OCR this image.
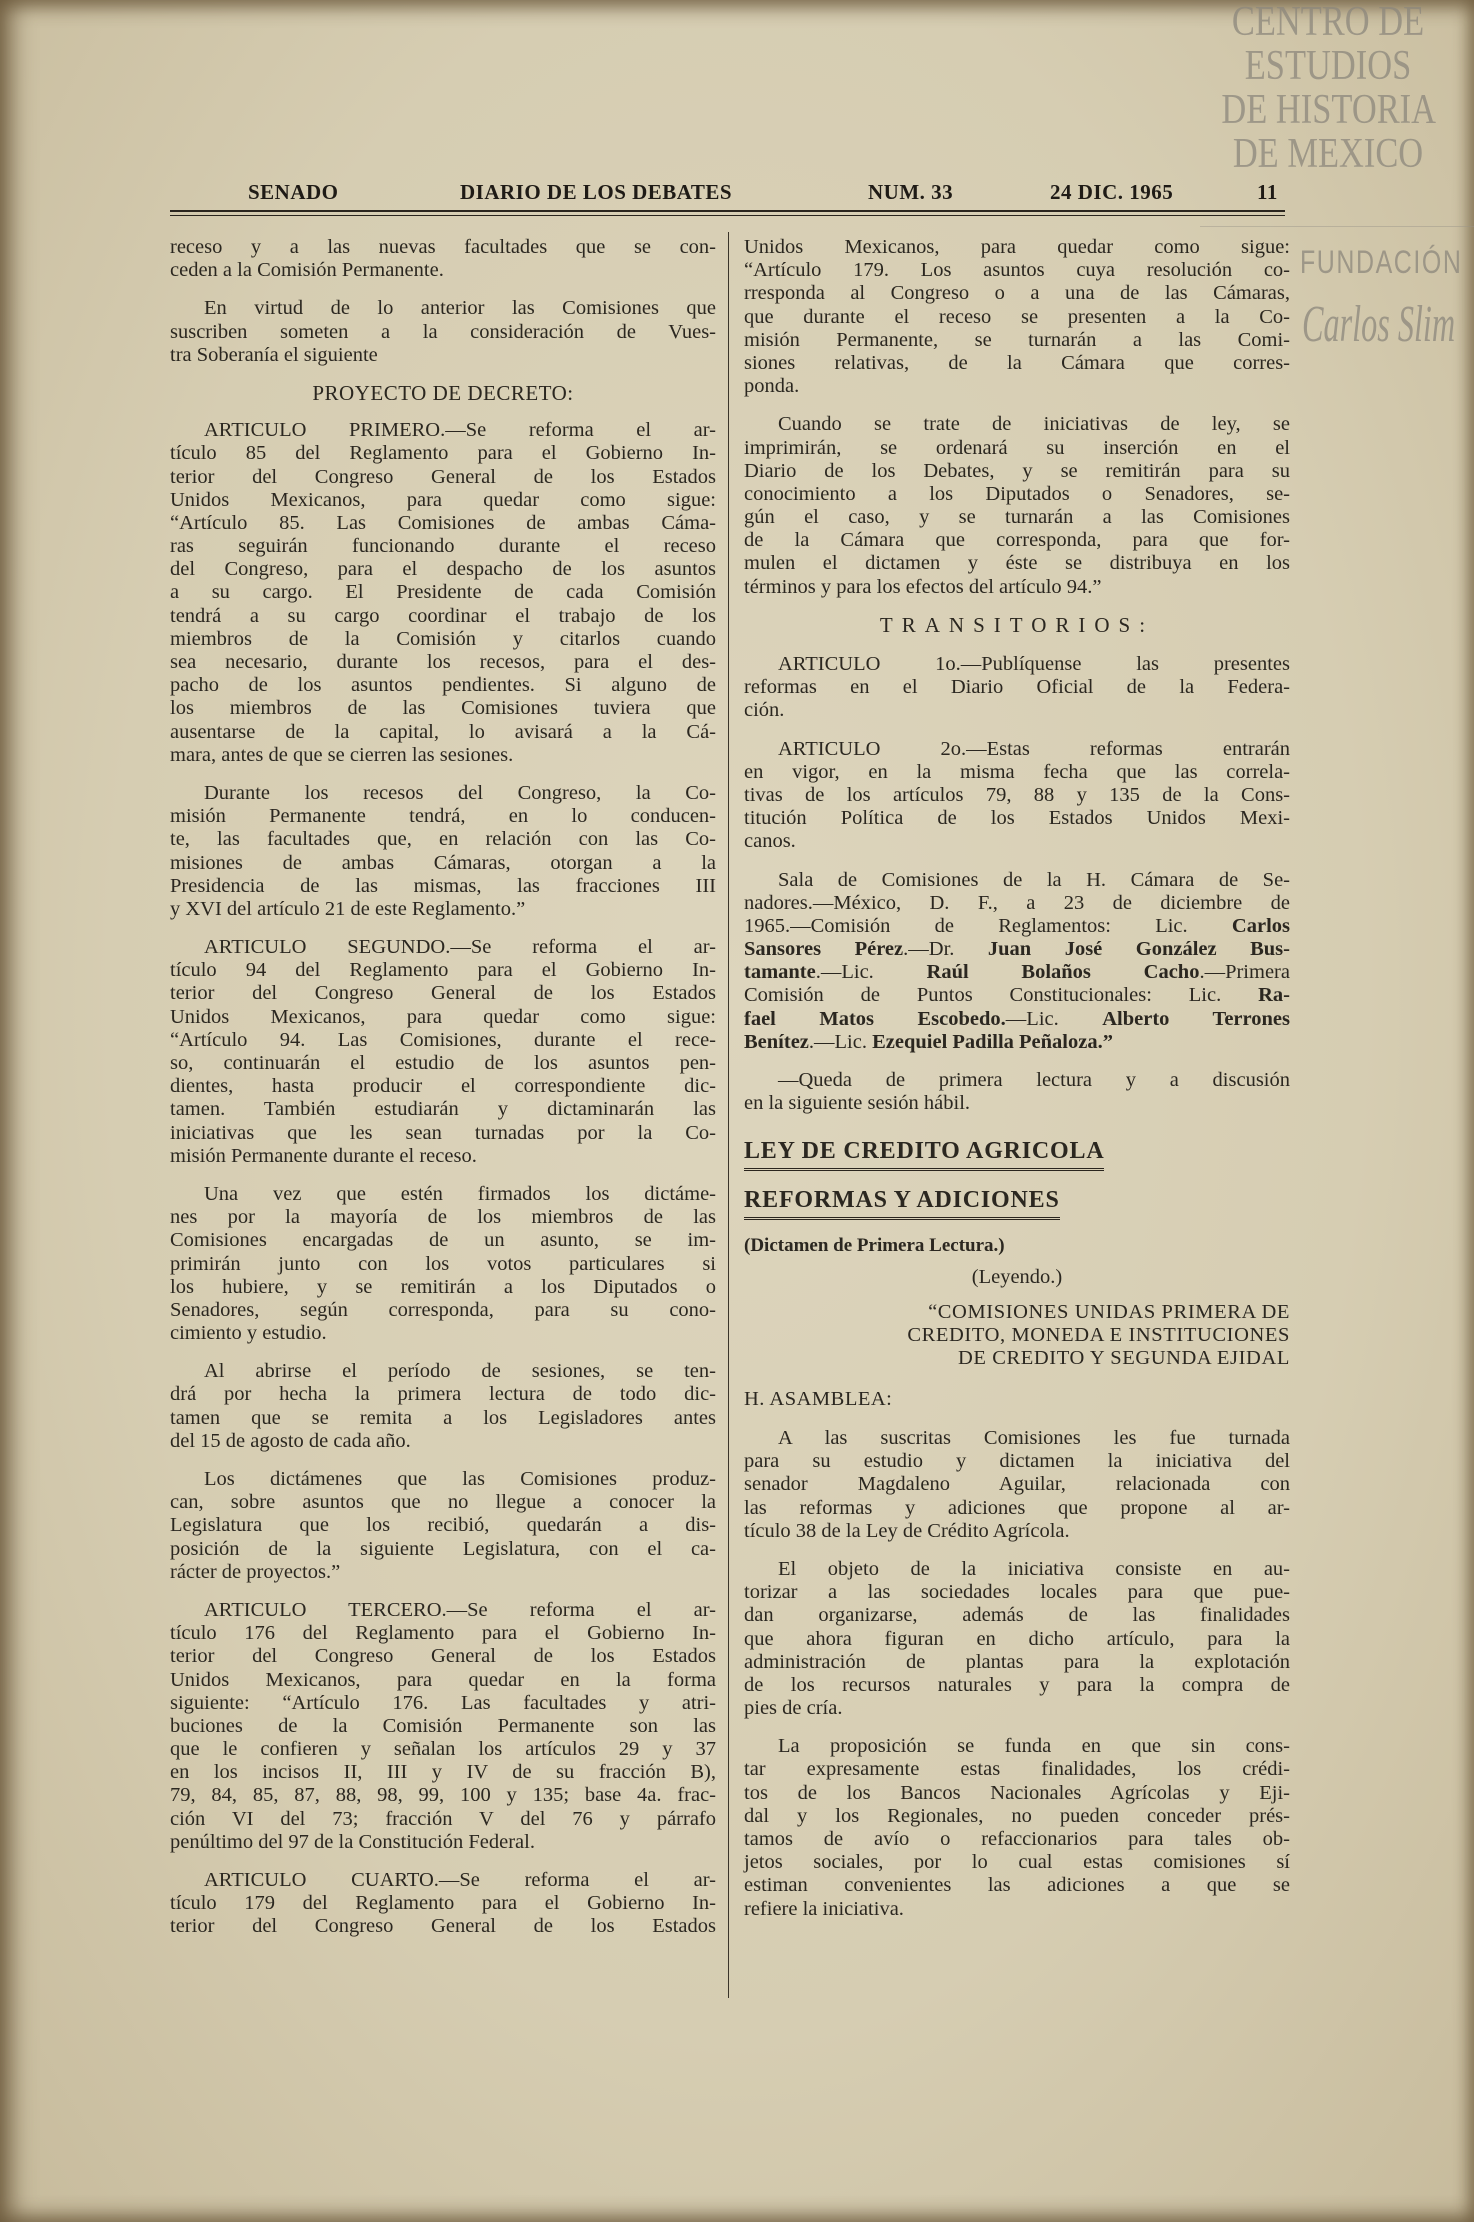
CENTRO DE
ESTUDIOS
DE HISTORIA
DE MEXICO
FUNDACIÓN
Carlos Slim
SENADO	DIARIO DE LOS DEBATES	NUM. 33	24 DIC. 1965	11
receso y a las nuevas facultades que se con-
ceden a la Comisión Permanente.
En virtud de lo anterior las Comisiones que
suscriben someten a la consideración de Vues-
tra Soberanía el siguiente
PROYECTO DE DECRETO:
ARTICULO PRIMERO.—Se reforma el ar-
tículo 85 del Reglamento para el Gobierno In-
terior del Congreso General de los Estados
Unidos Mexicanos, para quedar como sigue:
“Artículo 85. Las Comisiones de ambas Cáma-
ras seguirán funcionando durante el receso
del Congreso, para el despacho de los asuntos
a su cargo. El Presidente de cada Comisión
tendrá a su cargo coordinar el trabajo de los
miembros de la Comisión y citarlos cuando
sea necesario, durante los recesos, para el des-
pacho de los asuntos pendientes. Si alguno de
los miembros de las Comisiones tuviera que
ausentarse de la capital, lo avisará a la Cá-
mara, antes de que se cierren las sesiones.
Durante los recesos del Congreso, la Co-
misión Permanente tendrá, en lo conducen-
te, las facultades que, en relación con las Co-
misiones de ambas Cámaras, otorgan a la
Presidencia de las mismas, las fracciones III
y XVI del artículo 21 de este Reglamento.”
ARTICULO SEGUNDO.—Se reforma el ar-
tículo 94 del Reglamento para el Gobierno In-
terior del Congreso General de los Estados
Unidos Mexicanos, para quedar como sigue:
“Artículo 94. Las Comisiones, durante el rece-
so, continuarán el estudio de los asuntos pen-
dientes, hasta producir el correspondiente dic-
tamen. También estudiarán y dictaminarán las
iniciativas que les sean turnadas por la Co-
misión Permanente durante el receso.
Una vez que estén firmados los dictáme-
nes por la mayoría de los miembros de las
Comisiones encargadas de un asunto, se im-
primirán junto con los votos particulares si
los hubiere, y se remitirán a los Diputados o
Senadores, según corresponda, para su cono-
cimiento y estudio.
Al abrirse el período de sesiones, se ten-
drá por hecha la primera lectura de todo dic-
tamen que se remita a los Legisladores antes
del 15 de agosto de cada año.
Los dictámenes que las Comisiones produz-
can, sobre asuntos que no llegue a conocer la
Legislatura que los recibió, quedarán a dis-
posición de la siguiente Legislatura, con el ca-
rácter de proyectos.”
ARTICULO TERCERO.—Se reforma el ar-
tículo 176 del Reglamento para el Gobierno In-
terior del Congreso General de los Estados
Unidos Mexicanos, para quedar en la forma
siguiente: “Artículo 176. Las facultades y atri-
buciones de la Comisión Permanente son las
que le confieren y señalan los artículos 29 y 37
en los incisos II, III y IV de su fracción B),
79, 84, 85, 87, 88, 98, 99, 100 y 135; base 4a. frac-
ción VI del 73; fracción V del 76 y párrafo
penúltimo del 97 de la Constitución Federal.
ARTICULO CUARTO.—Se reforma el ar-
tículo 179 del Reglamento para el Gobierno In-
terior del Congreso General de los Estados
Unidos Mexicanos, para quedar como sigue:
“Artículo 179. Los asuntos cuya resolución co-
rresponda al Congreso o a una de las Cámaras,
que durante el receso se presenten a la Co-
misión Permanente, se turnarán a las Comi-
siones relativas, de la Cámara que corres-
ponda.
Cuando se trate de iniciativas de ley, se
imprimirán, se ordenará su inserción en el
Diario de los Debates, y se remitirán para su
conocimiento a los Diputados o Senadores, se-
gún el caso, y se turnarán a las Comisiones
de la Cámara que corresponda, para que for-
mulen el dictamen y éste se distribuya en los
términos y para los efectos del artículo 94.”
TRANSITORIOS:
ARTICULO 1o.—Publíquense las presentes
reformas en el Diario Oficial de la Federa-
ción.
ARTICULO 2o.—Estas reformas entrarán
en vigor, en la misma fecha que las correla-
tivas de los artículos 79, 88 y 135 de la Cons-
titución Política de los Estados Unidos Mexi-
canos.
Sala de Comisiones de la H. Cámara de Se-
nadores.—México, D. F., a 23 de diciembre de
1965.—Comisión de Reglamentos: Lic. Carlos
Sansores Pérez.—Dr. Juan José González Bus-
tamante.—Lic. Raúl Bolaños Cacho.—Primera
Comisión de Puntos Constitucionales: Lic. Ra-
fael Matos Escobedo.—Lic. Alberto Terrones
Benítez.—Lic. Ezequiel Padilla Peñaloza.”
—Queda de primera lectura y a discusión
en la siguiente sesión hábil.
LEY DE CREDITO AGRICOLA
REFORMAS Y ADICIONES
(Dictamen de Primera Lectura.)
(Leyendo.)
“COMISIONES UNIDAS PRIMERA DE
CREDITO, MONEDA E INSTITUCIONES
DE CREDITO Y SEGUNDA EJIDAL
H. ASAMBLEA:
A las suscritas Comisiones les fue turnada
para su estudio y dictamen la iniciativa del
senador Magdaleno Aguilar, relacionada con
las reformas y adiciones que propone al ar-
tículo 38 de la Ley de Crédito Agrícola.
El objeto de la iniciativa consiste en au-
torizar a las sociedades locales para que pue-
dan organizarse, además de las finalidades
que ahora figuran en dicho artículo, para la
administración de plantas para la explotación
de los recursos naturales y para la compra de
pies de cría.
La proposición se funda en que sin cons-
tar expresamente estas finalidades, los crédi-
tos de los Bancos Nacionales Agrícolas y Eji-
dal y los Regionales, no pueden conceder prés-
tamos de avío o refaccionarios para tales ob-
jetos sociales, por lo cual estas comisiones sí
estiman convenientes las adiciones a que se
refiere la iniciativa.
